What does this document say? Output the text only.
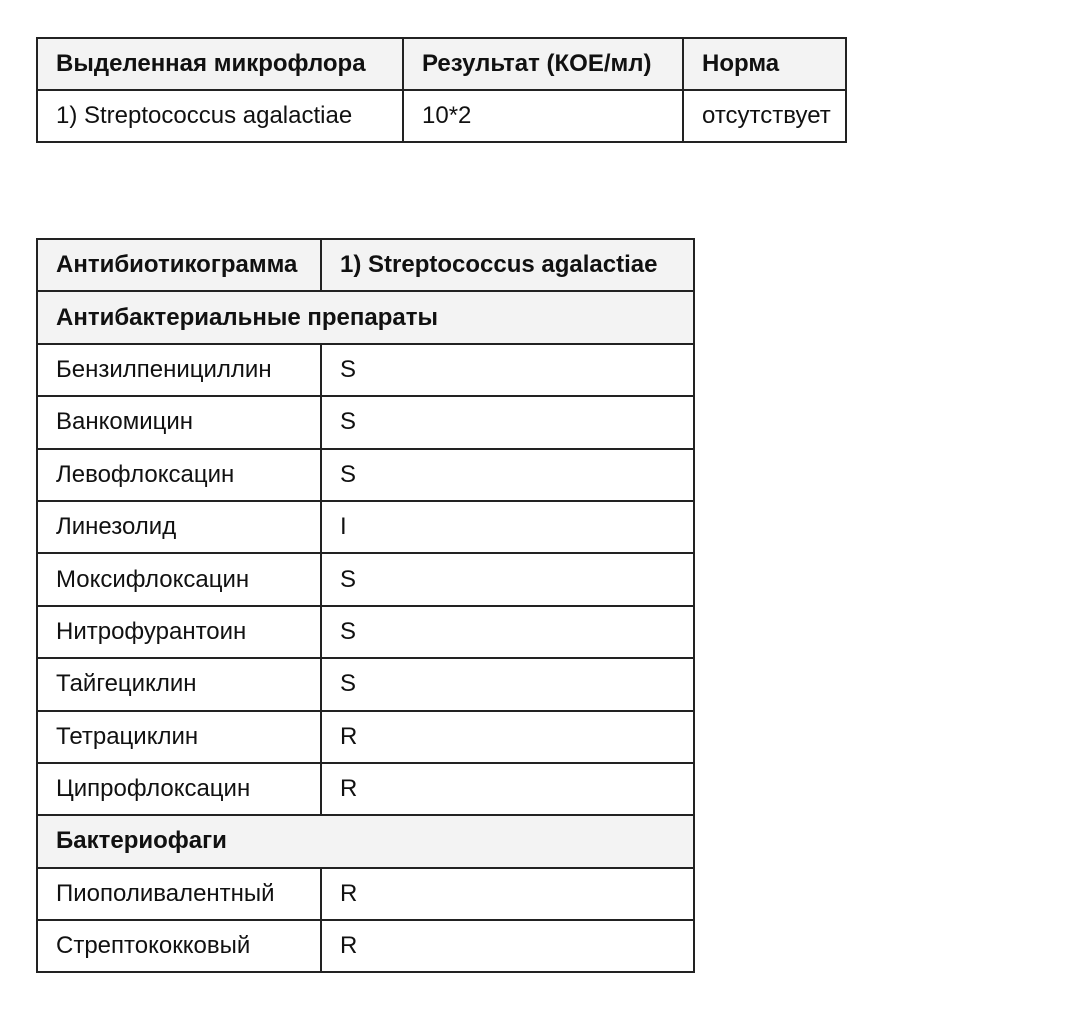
Выделенная микрофлора	Результат (КОЕ/мл)	Норма
1) Streptococcus agalactiae	10*2	отсутствует
Антибиотикограмма	1) Streptococcus agalactiae
Антибактериальные препараты	
Бензилпенициллин	S
Ванкомицин	S
Левофлоксацин	S
Линезолид	I
Моксифлоксацин	S
Нитрофурантоин	S
Тайгециклин	S
Тетрациклин	R
Ципрофлоксацин	R
Бактериофаги	
Пиополивалентный	R
Стрептококковый	R
